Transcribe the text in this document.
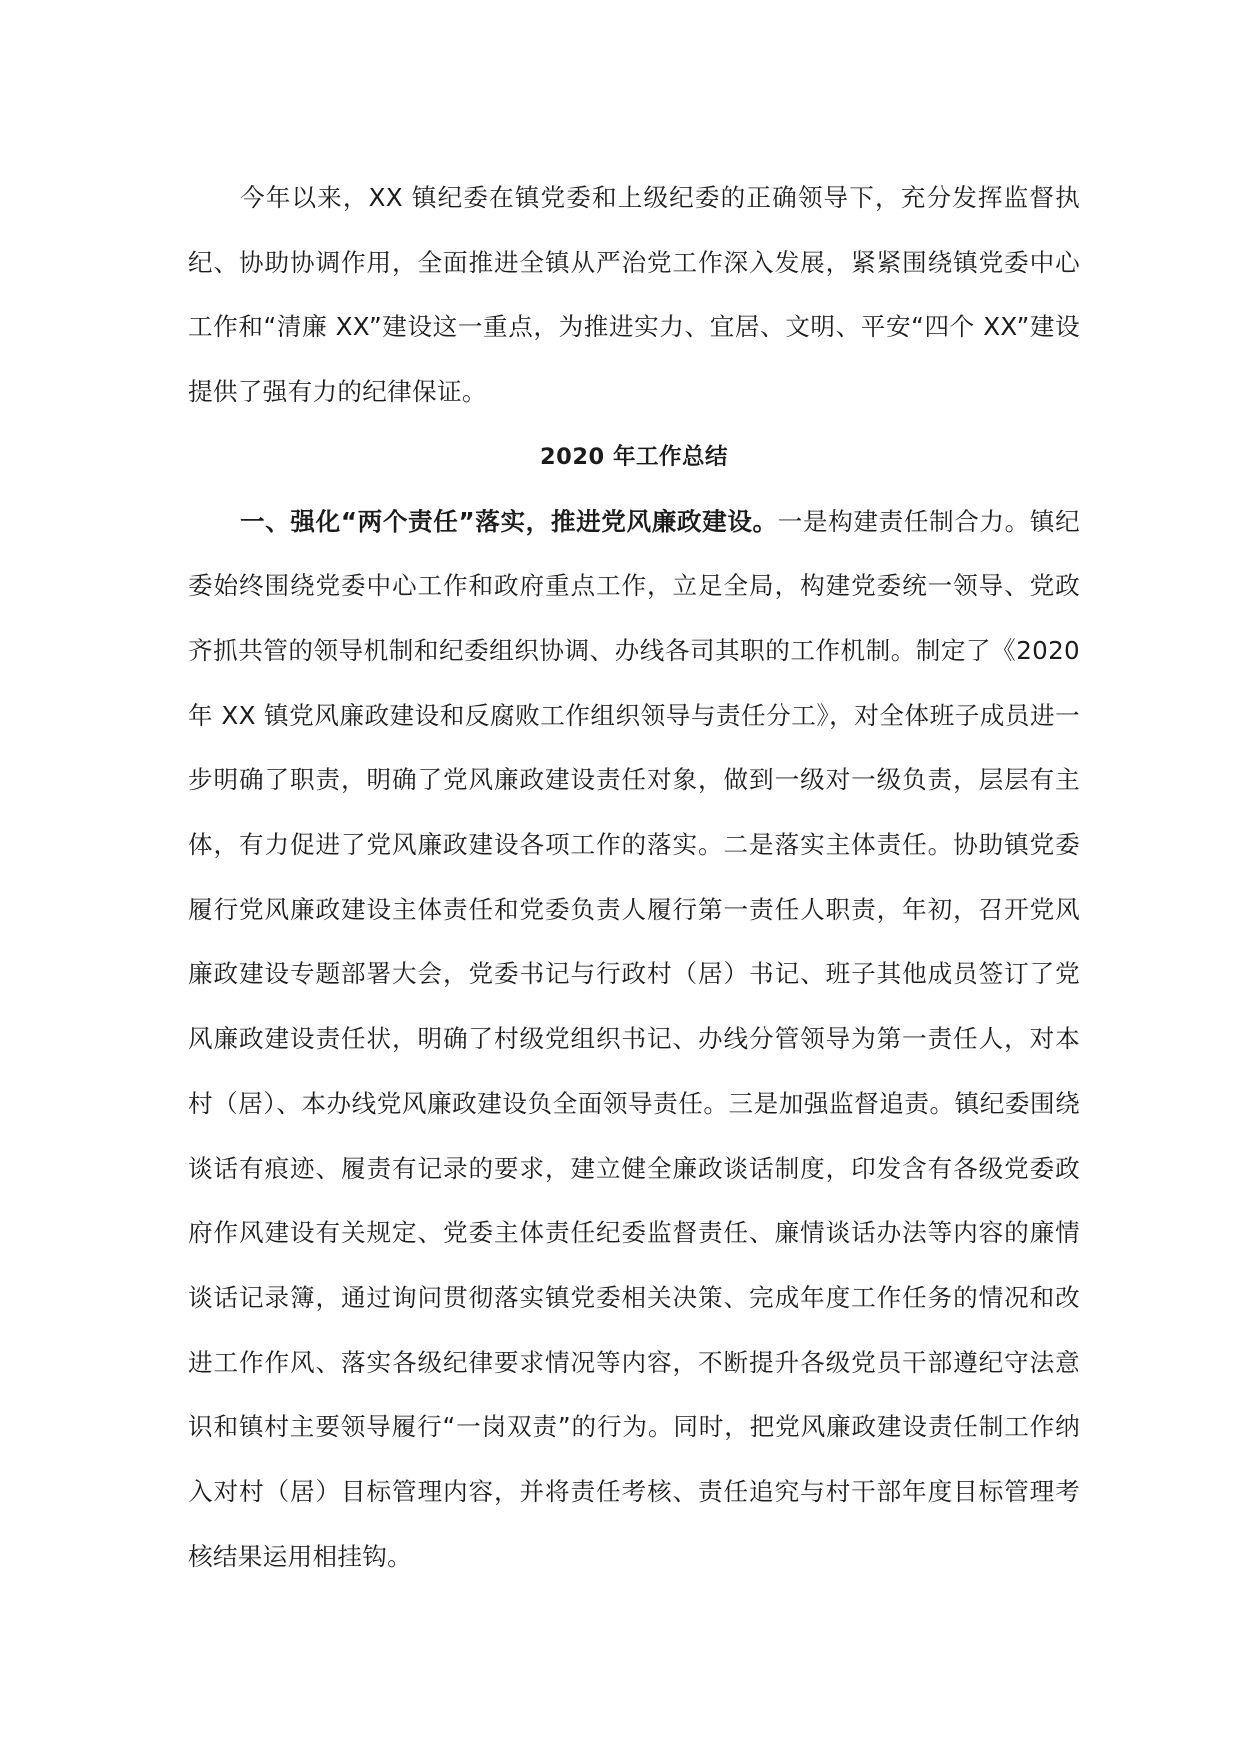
今年以来，XX 镇纪委在镇党委和上级纪委的正确领导下，充分发挥监督执纪、协助协调作用，全面推进全镇从严治党工作深入发展，紧紧围绕镇党委中心工作和“清廉 XX”建设这一重点，为推进实力、宜居、文明、平安“四个 XX”建设提供了强有力的纪律保证。

2020 年工作总结

一、强化“两个责任”落实，推进党风廉政建设。一是构建责任制合力。镇纪委始终围绕党委中心工作和政府重点工作，立足全局，构建党委统一领导、党政齐抓共管的领导机制和纪委组织协调、办线各司其职的工作机制。制定了《2020 年 XX 镇党风廉政建设和反腐败工作组织领导与责任分工》，对全体班子成员进一步明确了职责，明确了党风廉政建设责任对象，做到一级对一级负责，层层有主体，有力促进了党风廉政建设各项工作的落实。二是落实主体责任。协助镇党委履行党风廉政建设主体责任和党委负责人履行第一责任人职责，年初，召开党风廉政建设专题部署大会，党委书记与行政村（居）书记、班子其他成员签订了党风廉政建设责任状，明确了村级党组织书记、办线分管领导为第一责任人，对本村（居）、本办线党风廉政建设负全面领导责任。三是加强监督追责。镇纪委围绕谈话有痕迹、履责有记录的要求，建立健全廉政谈话制度，印发含有各级党委政府作风建设有关规定、党委主体责任纪委监督责任、廉情谈话办法等内容的廉情谈话记录簿，通过询问贯彻落实镇党委相关决策、完成年度工作任务的情况和改进工作作风、落实各级纪律要求情况等内容，不断提升各级党员干部遵纪守法意识和镇村主要领导履行“一岗双责”的行为。同时，把党风廉政建设责任制工作纳入对村（居）目标管理内容，并将责任考核、责任追究与村干部年度目标管理考核结果运用相挂钩。
